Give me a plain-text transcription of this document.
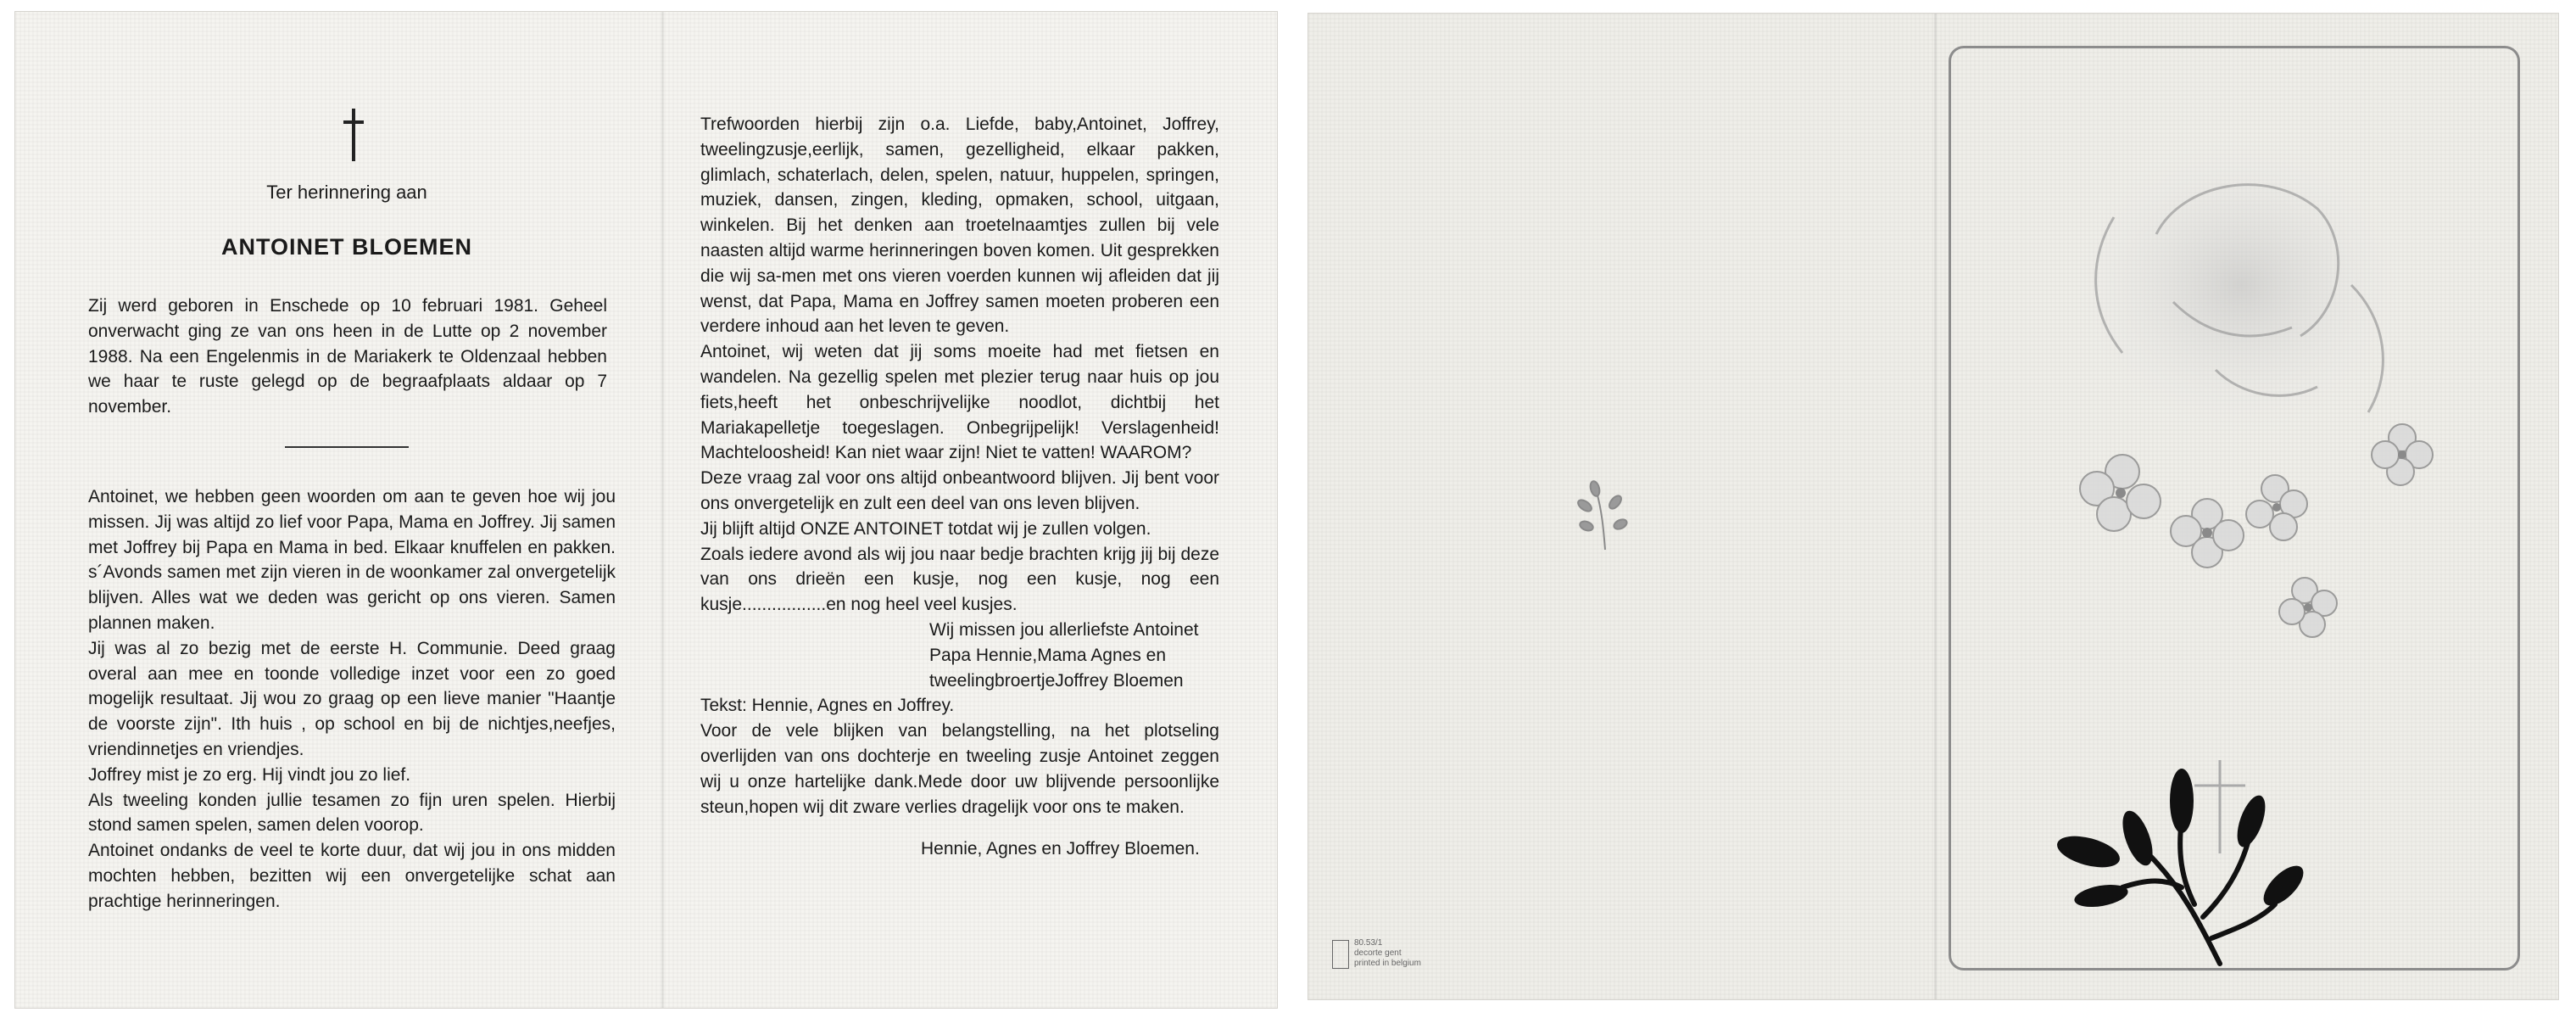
Ter herinnering aan
ANTOINET BLOEMEN

Zij werd geboren in Enschede op 10 februari 1981. Geheel onverwacht ging ze van ons heen in de Lutte op 2 november 1988. Na een Engelenmis in de Mariakerk te Oldenzaal hebben we haar te ruste gelegd op de begraafplaats aldaar op 7 november.

Antoinet, we hebben geen woorden om aan te geven hoe wij jou missen. Jij was altijd zo lief voor Papa, Mama en Joffrey. Jij samen met Joffrey bij Papa en Mama in bed. Elkaar knuffelen en pakken. s´Avonds samen met zijn vieren in de woonkamer zal onvergetelijk blijven. Alles wat we deden was gericht op ons vieren. Samen plannen maken.

Jij was al zo bezig met de eerste H. Communie. Deed graag overal aan mee en toonde volledige inzet voor een zo goed mogelijk resultaat. Jij wou zo graag op een lieve manier "Haantje de voorste zijn". Ith huis , op school en bij de nichtjes,neefjes, vriendinnetjes en vriendjes.

Joffrey mist je zo erg. Hij vindt jou zo lief.

Als tweeling konden jullie tesamen zo fijn uren spelen. Hierbij stond samen spelen, samen delen voorop.

Antoinet ondanks de veel te korte duur, dat wij jou in ons midden mochten hebben, bezitten wij een onvergetelijke schat aan prachtige herinneringen.

Trefwoorden hierbij zijn o.a. Liefde, baby,Antoinet, Joffrey, tweelingzusje,eerlijk, samen, gezelligheid, elkaar pakken, glimlach, schaterlach, delen, spelen, natuur, huppelen, springen, muziek, dansen, zingen, kleding, opmaken, school, uitgaan, winkelen. Bij het denken aan troetelnaamtjes zullen bij vele naasten altijd warme herinneringen boven komen. Uit gesprekken die wij sa-men met ons vieren voerden kunnen wij afleiden dat jij wenst, dat Papa, Mama en Joffrey samen moeten proberen een verdere inhoud aan het leven te geven.

Antoinet, wij weten dat jij soms moeite had met fietsen en wandelen. Na gezellig spelen met plezier terug naar huis op jou fiets,heeft het onbeschrijvelijke noodlot, dichtbij het Mariakapelletje toegeslagen. Onbegrijpelijk! Verslagenheid! Machteloosheid! Kan niet waar zijn! Niet te vatten! WAAROM?

Deze vraag zal voor ons altijd onbeantwoord blijven. Jij bent voor ons onvergetelijk en zult een deel van ons leven blijven.

Jij blijft altijd ONZE ANTOINET totdat wij je zullen volgen.

Zoals iedere avond als wij jou naar bedje brachten krijg jij bij deze van ons drieën een kusje, nog een kusje, nog een kusje.................en nog heel veel kusjes.

Wij missen jou allerliefste Antoinet
Papa Hennie,Mama Agnes en
tweelingbroertjeJoffrey Bloemen

Tekst: Hennie, Agnes en Joffrey.

Voor de vele blijken van belangstelling, na het plotseling overlijden van ons dochterje en tweeling zusje Antoinet zeggen wij u onze hartelijke dank.Mede door uw blijvende persoonlijke steun,hopen wij dit zware verlies dragelijk voor ons te maken.

Hennie, Agnes en Joffrey Bloemen.

80.53/1
decorte gent
printed in belgium
